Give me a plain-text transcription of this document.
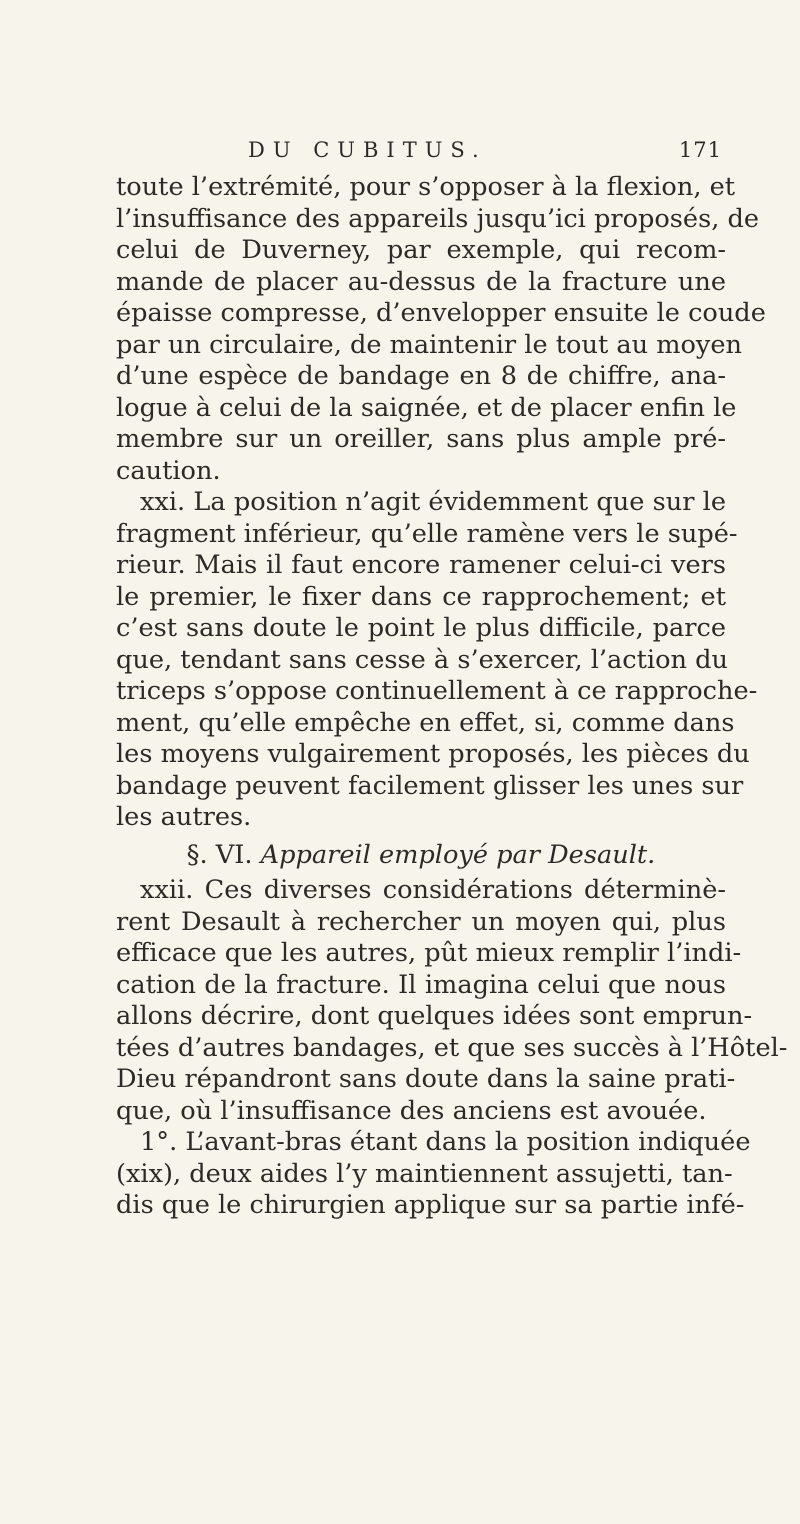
DU CUBITUS.	171
toute l’extrémité, pour s’opposer à la flexion, et
l’insuffisance des appareils jusqu’ici proposés, de
celui de Duverney, par exemple, qui recom-
mande de placer au-dessus de la fracture une
épaisse compresse, d’envelopper ensuite le coude
par un circulaire, de maintenir le tout au moyen
d’une espèce de bandage en 8 de chiffre, ana-
logue à celui de la saignée, et de placer enfin le
membre sur un oreiller, sans plus ample pré-
caution.
xxi. La position n’agit évidemment que sur le
fragment inférieur, qu’elle ramène vers le supé-
rieur. Mais il faut encore ramener celui-ci vers
le premier, le fixer dans ce rapprochement; et
c’est sans doute le point le plus difficile, parce
que, tendant sans cesse à s’exercer, l’action du
triceps s’oppose continuellement à ce rapproche-
ment, qu’elle empêche en effet, si, comme dans
les moyens vulgairement proposés, les pièces du
bandage peuvent facilement glisser les unes sur
les autres.
§. VI. Appareil employé par Desault.
xxii. Ces diverses considérations déterminè-
rent Desault à rechercher un moyen qui, plus
efficace que les autres, pût mieux remplir l’indi-
cation de la fracture. Il imagina celui que nous
allons décrire, dont quelques idées sont emprun-
tées d’autres bandages, et que ses succès à l’Hôtel-
Dieu répandront sans doute dans la saine prati-
que, où l’insuffisance des anciens est avouée.
1°. L’avant-bras étant dans la position indiquée
(xix), deux aides l’y maintiennent assujetti, tan-
dis que le chirurgien applique sur sa partie infé-
